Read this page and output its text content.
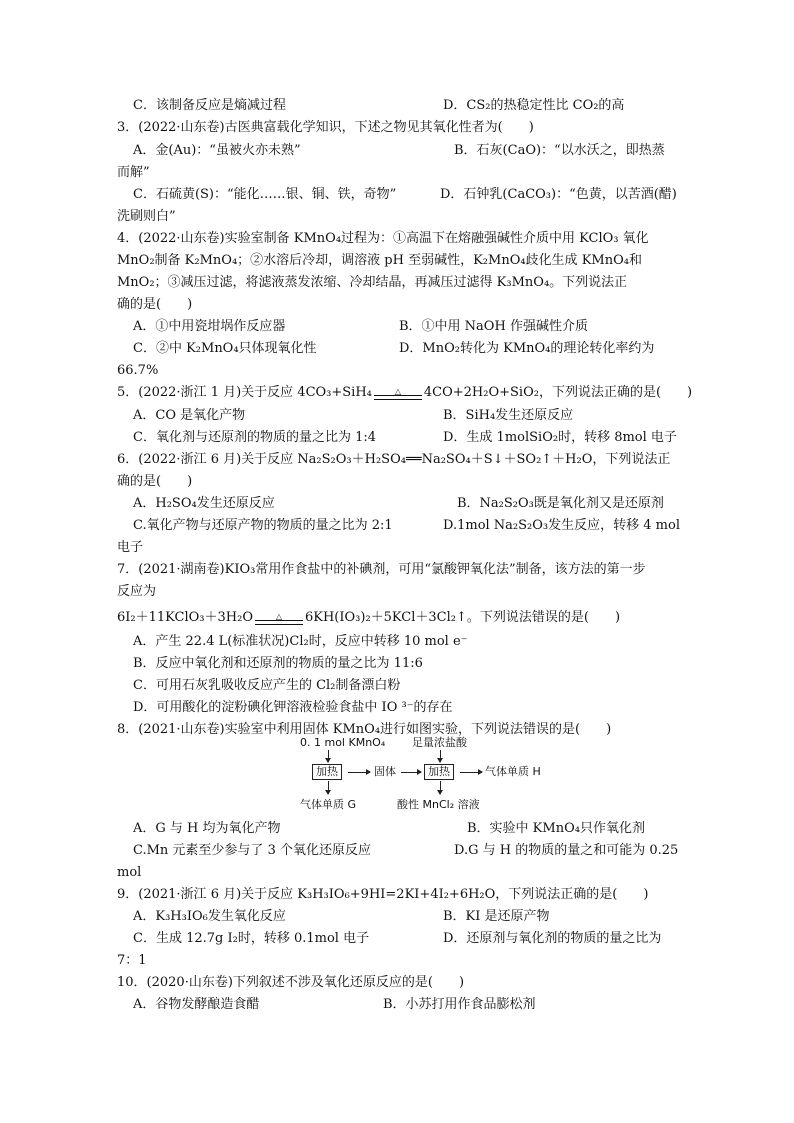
C．该制备反应是熵减过程	D．CS₂的热稳定性比 CO₂的高
3．(2022·山东卷)古医典富载化学知识，下述之物见其氧化性者为(　　)
A．金(Au)：“虽被火亦未熟”	B．石灰(CaO)：“以水沃之，即热蒸
而解”
C．石硫黄(S)：“能化……银、铜、铁，奇物”	D．石钟乳(CaCO₃)：“色黄，以苦酒(醋)
洗刷则白”
4．(2022·山东卷)实验室制备 KMnO₄过程为：①高温下在熔融强碱性介质中用 KClO₃ 氧化
MnO₂制备 K₂MnO₄；②水溶后冷却，调溶液 pH 至弱碱性，K₂MnO₄歧化生成 KMnO₄和
MnO₂；③减压过滤，将滤液蒸发浓缩、冷却结晶，再减压过滤得 K₃MnO₄。下列说法正
确的是(　　)
A．①中用瓷坩埚作反应器	B．①中用 NaOH 作强碱性介质
C．②中 K₂MnO₄只体现氧化性	D．MnO₂转化为 KMnO₄的理论转化率约为
66.7%
5．(2022·浙江 1 月)关于反应 4CO₃+SiH₄	△	4CO+2H₂O+SiO₂，下列说法正确的是(　　)
A．CO 是氧化产物	B．SiH₄发生还原反应
C．氧化剂与还原剂的物质的量之比为 1:4	D．生成 1molSiO₂时，转移 8mol 电子
6．(2022·浙江 6 月)关于反应 Na₂S₂O₃＋H₂SO₄══Na₂SO₄＋S↓＋SO₂↑＋H₂O，下列说法正
确的是(　　)
A．H₂SO₄发生还原反应	B．Na₂S₂O₃既是氧化剂又是还原剂
C.氧化产物与还原产物的物质的量之比为 2:1	D.1mol Na₂S₂O₃发生反应，转移 4 mol
电子
7．(2021·湖南卷)KIO₃常用作食盐中的补碘剂，可用“氯酸钾氧化法”制备，该方法的第一步
反应为
6I₂＋11KClO₃＋3H₂O	△	6KH(IO₃)₂＋5KCl＋3Cl₂↑。下列说法错误的是(　　)
A．产生 22.4 L(标准状况)Cl₂时，反应中转移 10 mol e⁻
B．反应中氧化剂和还原剂的物质的量之比为 11:6
C．可用石灰乳吸收反应产生的 Cl₂制备漂白粉
D．可用酸化的淀粉碘化钾溶液检验食盐中 IO ³⁻的存在
8．(2021·山东卷)实验室中利用固体 KMnO₄进行如图实验，下列说法错误的是(　　)
0. 1 mol KMnO₄ 足量浓盐酸
加热	固体	加热	气体单质 H
气体单质 G	酸性 MnCl₂ 溶液
A．G 与 H 均为氧化产物	B．实验中 KMnO₄只作氧化剂
C.Mn 元素至少参与了 3 个氧化还原反应	D.G 与 H 的物质的量之和可能为 0.25
mol
9．(2021·浙江 6 月)关于反应 K₃H₃IO₆+9HI=2KI+4I₂+6H₂O，下列说法正确的是(　　)
A．K₃H₃IO₆发生氧化反应	B．KI 是还原产物
C．生成 12.7g I₂时，转移 0.1mol 电子	D．还原剂与氧化剂的物质的量之比为
7：1
10．(2020·山东卷)下列叙述不涉及氧化还原反应的是(　　)
A．谷物发酵酿造食醋	B．小苏打用作食品膨松剂
